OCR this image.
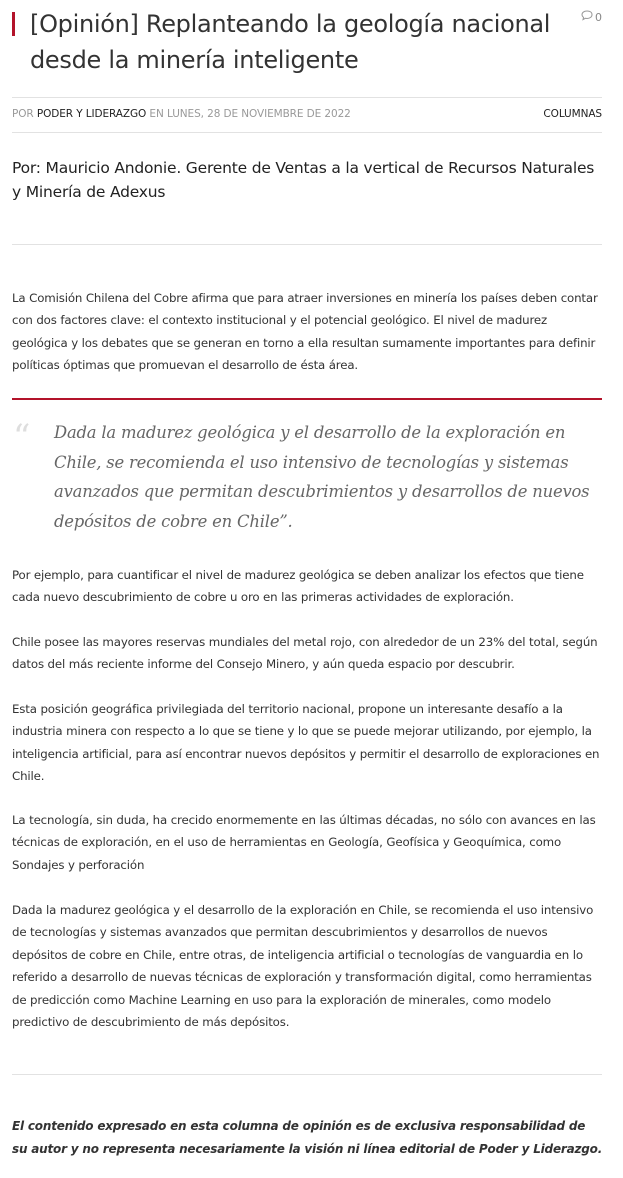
[Opinión] Replanteando la geología nacional desde la minería inteligente
0
POR PODER Y LIDERAZGO EN LUNES, 28 DE NOVIEMBRE DE 2022	COLUMNAS

Por: Mauricio Andonie. Gerente de Ventas a la vertical de Recursos Naturales y Minería de Adexus

La Comisión Chilena del Cobre afirma que para atraer inversiones en minería los países deben contar con dos factores clave: el contexto institucional y el potencial geológico. El nivel de madurez geológica y los debates que se generan en torno a ella resultan sumamente importantes para definir políticas óptimas que promuevan el desarrollo de ésta área.

“ Dada la madurez geológica y el desarrollo de la exploración en Chile, se recomienda el uso intensivo de tecnologías y sistemas avanzados que permitan descubrimientos y desarrollos de nuevos depósitos de cobre en Chile”.

Por ejemplo, para cuantificar el nivel de madurez geológica se deben analizar los efectos que tiene cada nuevo descubrimiento de cobre u oro en las primeras actividades de exploración.

Chile posee las mayores reservas mundiales del metal rojo, con alrededor de un 23% del total, según datos del más reciente informe del Consejo Minero, y aún queda espacio por descubrir.

Esta posición geográfica privilegiada del territorio nacional, propone un interesante desafío a la industria minera con respecto a lo que se tiene y lo que se puede mejorar utilizando, por ejemplo, la inteligencia artificial, para así encontrar nuevos depósitos y permitir el desarrollo de exploraciones en Chile.

La tecnología, sin duda, ha crecido enormemente en las últimas décadas, no sólo con avances en las técnicas de exploración, en el uso de herramientas en Geología, Geofísica y Geoquímica, como Sondajes y perforación

Dada la madurez geológica y el desarrollo de la exploración en Chile, se recomienda el uso intensivo de tecnologías y sistemas avanzados que permitan descubrimientos y desarrollos de nuevos depósitos de cobre en Chile, entre otras, de inteligencia artificial o tecnologías de vanguardia en lo referido a desarrollo de nuevas técnicas de exploración y transformación digital, como herramientas de predicción como Machine Learning en uso para la exploración de minerales, como modelo predictivo de descubrimiento de más depósitos.

El contenido expresado en esta columna de opinión es de exclusiva responsabilidad de su autor y no representa necesariamente la visión ni línea editorial de Poder y Liderazgo.
